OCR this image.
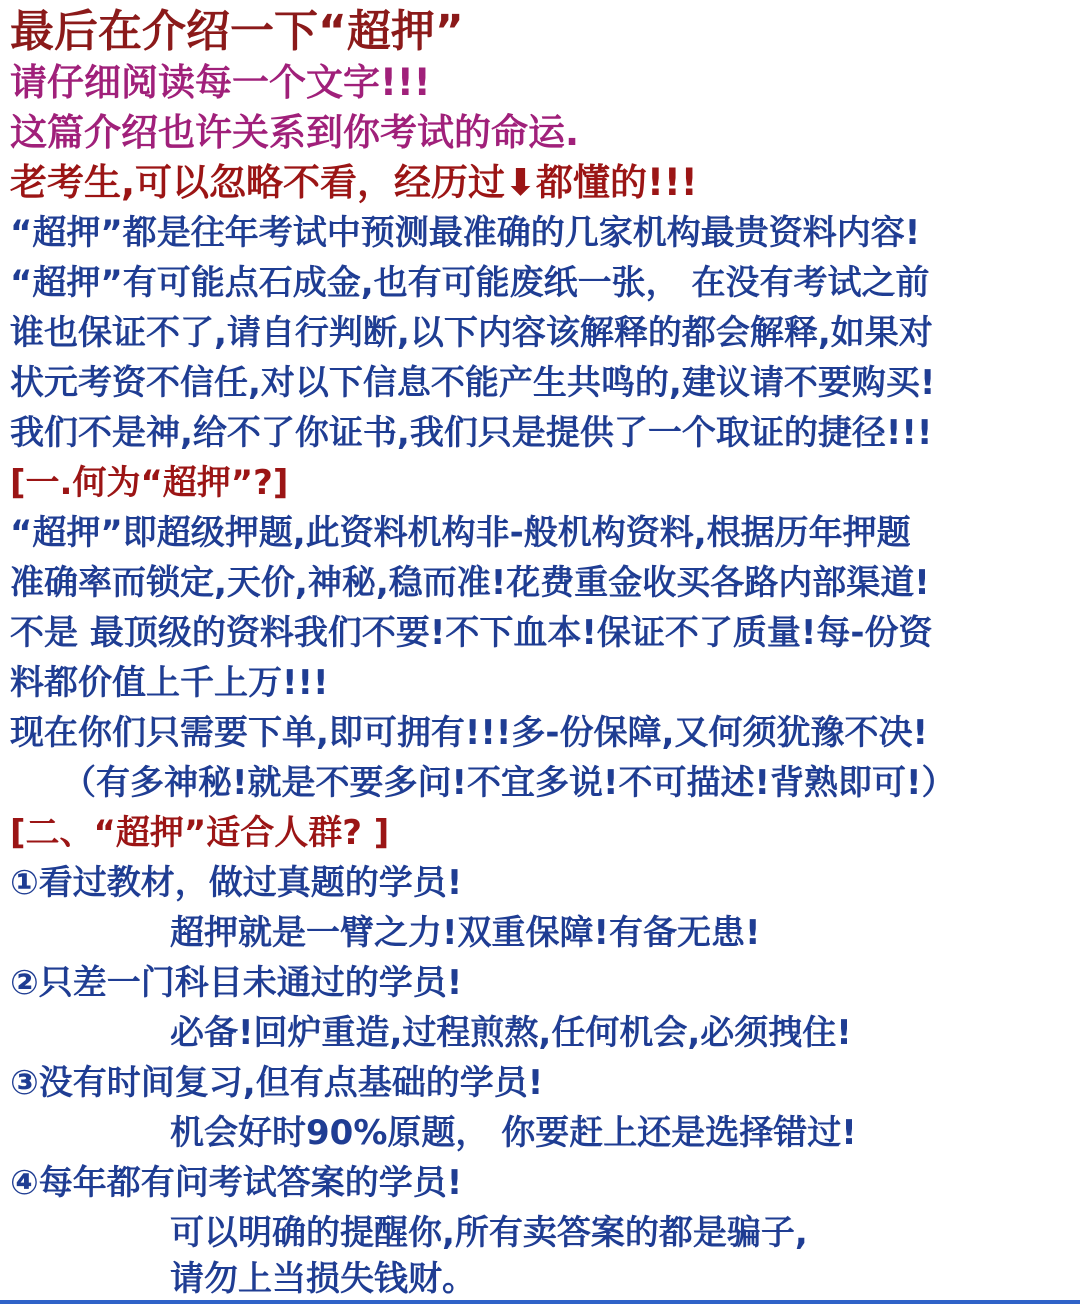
最后在介绍一下“超押”
请仔细阅读每一个文字!!!
这篇介绍也许关系到你考试的命运.
老考生,可以忽略不看，经历过⬇都懂的!!!
“超押”都是往年考试中预测最准确的几家机构最贵资料内容!
“超押”有可能点石成金,也有可能废纸一张， 在没有考试之前
谁也保证不了,请自行判断,以下内容该解释的都会解释,如果对
状元考资不信任,对以下信息不能产生共鸣的,建议请不要购买!
我们不是神,给不了你证书,我们只是提供了一个取证的捷径!!!
[一.何为“超押”?]
“超押”即超级押题,此资料机构非-般机构资料,根据历年押题
准确率而锁定,天价,神秘,稳而准!花费重金收买各路内部渠道!
不是 最顶级的资料我们不要!不下血本!保证不了质量!每-份资
料都价值上千上万!!!
现在你们只需要下单,即可拥有!!!多-份保障,又何须犹豫不决!
（有多神秘!就是不要多问!不宜多说!不可描述!背熟即可!）
[二、“超押”适合人群? ]
①看过教材，做过真题的学员!
超押就是一臂之力!双重保障!有备无患!
②只差一门科目未通过的学员!
必备!回炉重造,过程煎熬,任何机会,必须拽住!
③没有时间复习,但有点基础的学员!
机会好时90%原题， 你要赶上还是选择错过!
④每年都有问考试答案的学员!
可以明确的提醒你,所有卖答案的都是骗子,
请勿上当损失钱财。
